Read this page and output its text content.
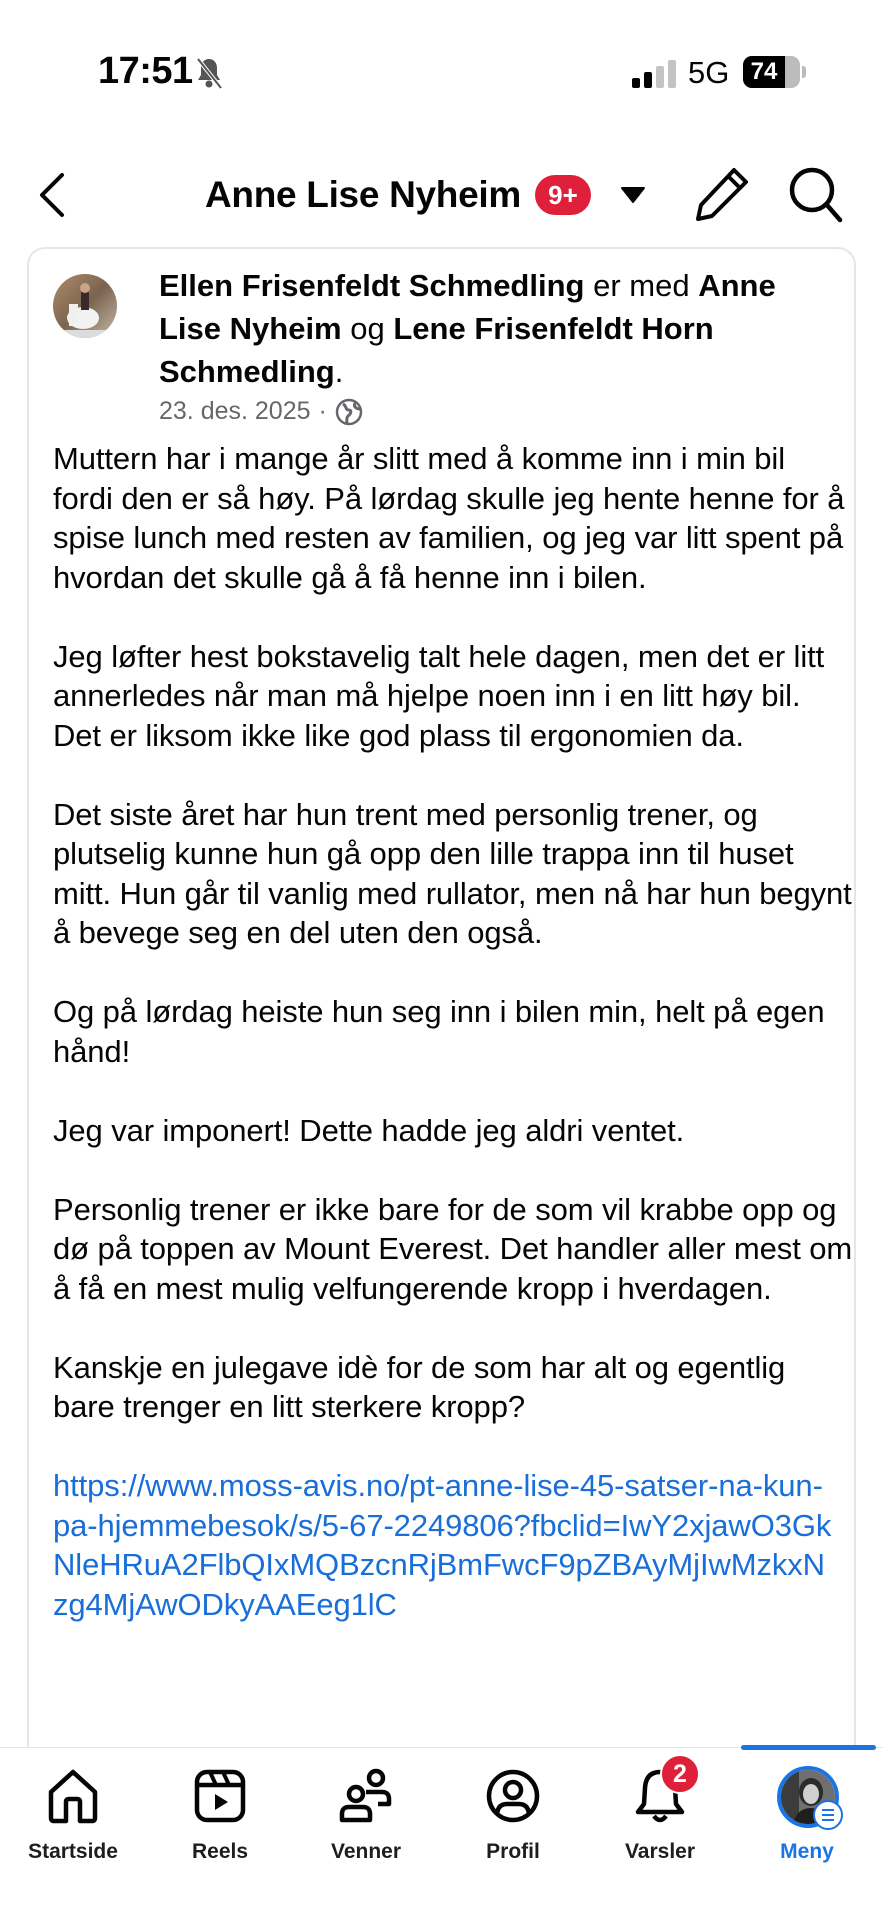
17:51	5G 74
Anne Lise Nyheim	9+
Ellen Frisenfeldt Schmedling er med Anne Lise Nyheim og Lene Frisenfeldt Horn Schmedling.
23. des. 2025 ·

Muttern har i mange år slitt med å komme inn i min bil fordi den er så høy. På lørdag skulle jeg hente henne for å spise lunch med resten av familien, og jeg var litt spent på hvordan det skulle gå å få henne inn i bilen.

Jeg løfter hest bokstavelig talt hele dagen, men det er litt annerledes når man må hjelpe noen inn i en litt høy bil. Det er liksom ikke like god plass til ergonomien da.

Det siste året har hun trent med personlig trener, og plutselig kunne hun gå opp den lille trappa inn til huset mitt. Hun går til vanlig med rullator, men nå har hun begynt å bevege seg en del uten den også.

Og på lørdag heiste hun seg inn i bilen min, helt på egen hånd!

Jeg var imponert! Dette hadde jeg aldri ventet.

Personlig trener er ikke bare for de som vil krabbe opp og dø på toppen av Mount Everest. Det handler aller mest om å få en mest mulig velfungerende kropp i hverdagen.

Kanskje en julegave idè for de som har alt og egentlig bare trenger en litt sterkere kropp?

https://www.moss-avis.no/pt-anne-lise-45-satser-na-kun-pa-hjemmebesok/s/5-67-2249806?fbclid=IwY2xjawO3GkNleHRuA2FlbQIxMQBzcnRjBmFwcF9pZBAyMjIwMzkxNzg4MjAwODkyAAEeg1lC
Startside	Reels	Venner	Profil
2
Varsler	Meny
